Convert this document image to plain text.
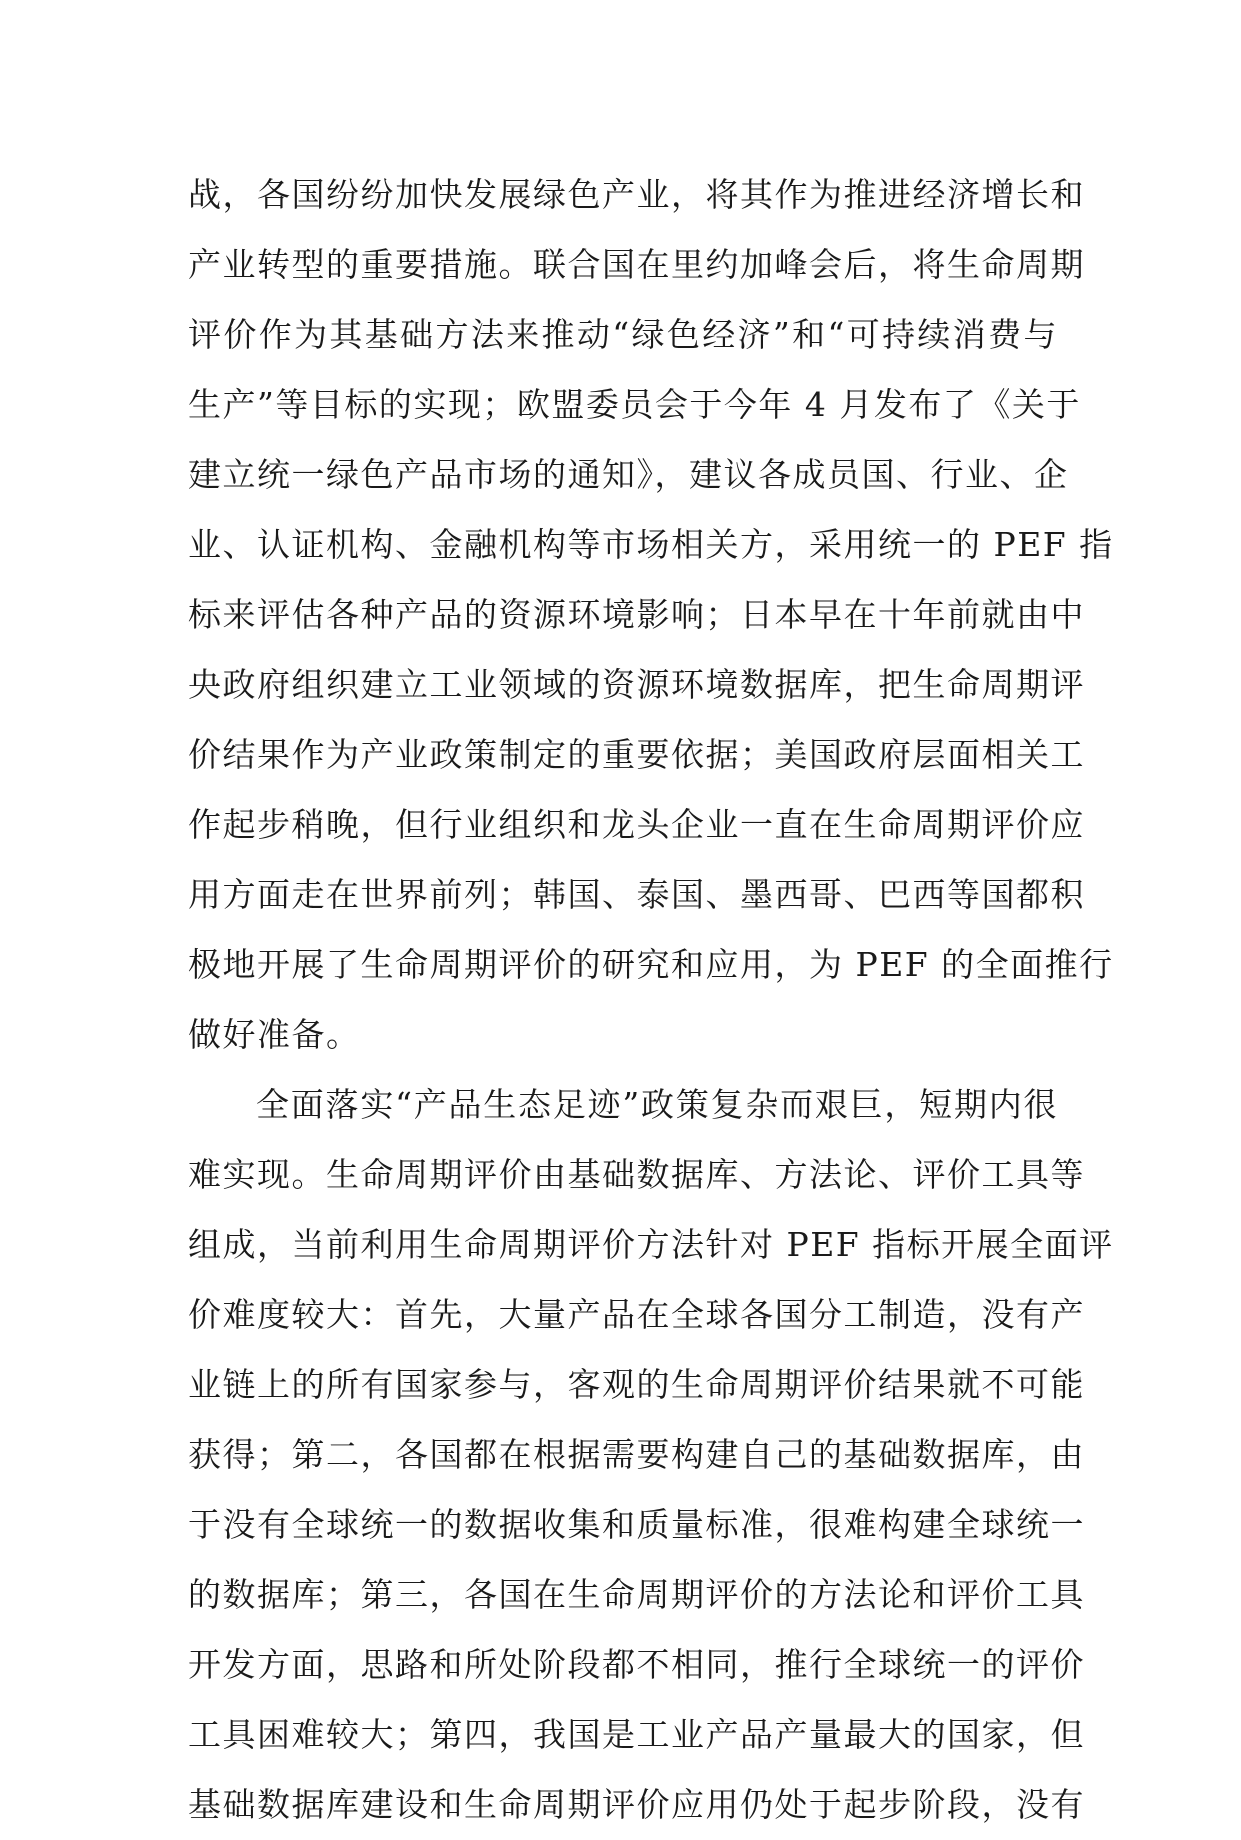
战，各国纷纷加快发展绿色产业，将其作为推进经济增长和
产业转型的重要措施。联合国在里约加峰会后，将生命周期
评价作为其基础方法来推动“绿色经济”和“可持续消费与
生产”等目标的实现；欧盟委员会于今年 4 月发布了《关于
建立统一绿色产品市场的通知》，建议各成员国、行业、企
业、认证机构、金融机构等市场相关方，采用统一的 PEF 指
标来评估各种产品的资源环境影响；日本早在十年前就由中
央政府组织建立工业领域的资源环境数据库，把生命周期评
价结果作为产业政策制定的重要依据；美国政府层面相关工
作起步稍晚，但行业组织和龙头企业一直在生命周期评价应
用方面走在世界前列；韩国、泰国、墨西哥、巴西等国都积
极地开展了生命周期评价的研究和应用，为 PEF 的全面推行
做好准备。
全面落实“产品生态足迹”政策复杂而艰巨，短期内很
难实现。生命周期评价由基础数据库、方法论、评价工具等
组成，当前利用生命周期评价方法针对 PEF 指标开展全面评
价难度较大：首先，大量产品在全球各国分工制造，没有产
业链上的所有国家参与，客观的生命周期评价结果就不可能
获得；第二，各国都在根据需要构建自己的基础数据库，由
于没有全球统一的数据收集和质量标准，很难构建全球统一
的数据库；第三，各国在生命周期评价的方法论和评价工具
开发方面，思路和所处阶段都不相同，推行全球统一的评价
工具困难较大；第四，我国是工业产品产量最大的国家，但
基础数据库建设和生命周期评价应用仍处于起步阶段，没有
